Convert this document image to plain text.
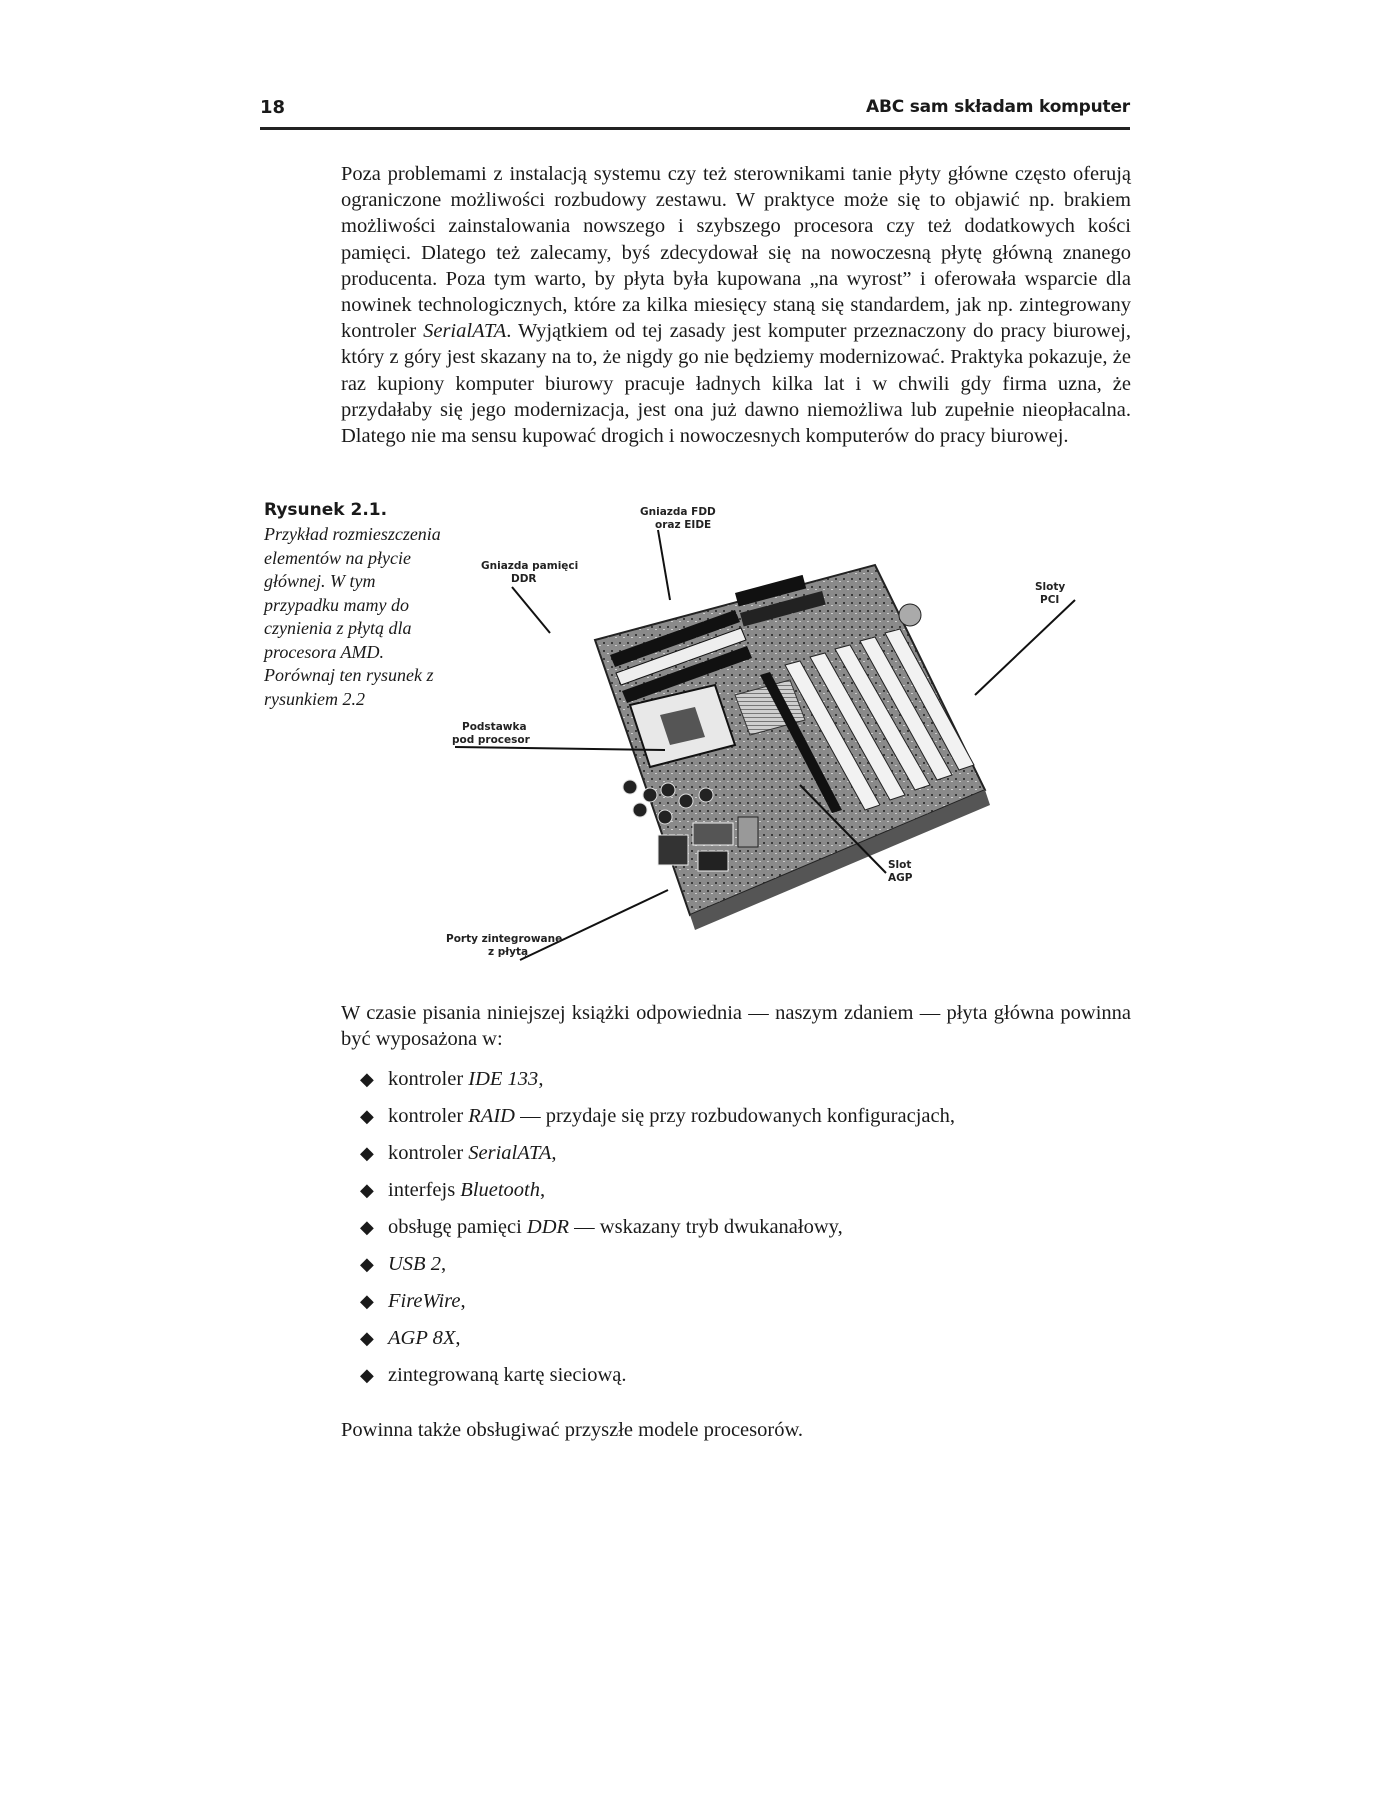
18	ABC sam składam komputer

Poza problemami z instalacją systemu czy też sterownikami tanie płyty główne często oferują ograniczone możliwości rozbudowy zestawu. W praktyce może się to objawić np. brakiem możliwości zainstalowania nowszego i szybszego procesora czy też dodatkowych kości pamięci. Dlatego też zalecamy, byś zdecydował się na nowoczesną płytę główną znanego producenta. Poza tym warto, by płyta była kupowana „na wyrost” i oferowała wsparcie dla nowinek technologicznych, które za kilka miesięcy staną się standardem, jak np. zintegrowany kontroler SerialATA. Wyjątkiem od tej zasady jest komputer przeznaczony do pracy biurowej, który z góry jest skazany na to, że nigdy go nie będziemy modernizować. Praktyka pokazuje, że raz kupiony komputer biurowy pracuje ładnych kilka lat i w chwili gdy firma uzna, że przydałaby się jego modernizacja, jest ona już dawno niemożliwa lub zupełnie nieopłacalna. Dlatego nie ma sensu kupować drogich i nowoczesnych komputerów do pracy biurowej.

Rysunek 2.1.
Przykład rozmieszczenia elementów na płycie głównej. W tym przypadku mamy do czynienia z płytą dla procesora AMD. Porównaj ten rysunek z rysunkiem 2.2
Gniazda FDD
oraz EIDE
Gniazda pamięci
DDR
Sloty
PCI
Podstawka
pod procesor
Slot
AGP
Porty zintegrowane
z płytą

W czasie pisania niniejszej książki odpowiednia — naszym zdaniem — płyta główna powinna być wyposażona w:

◆ kontroler IDE 133,
◆ kontroler RAID — przydaje się przy rozbudowanych konfiguracjach,
◆ kontroler SerialATA,
◆ interfejs Bluetooth,
◆ obsługę pamięci DDR — wskazany tryb dwukanałowy,
◆ USB 2,
◆ FireWire,
◆ AGP 8X,
◆ zintegrowaną kartę sieciową.

Powinna także obsługiwać przyszłe modele procesorów.
